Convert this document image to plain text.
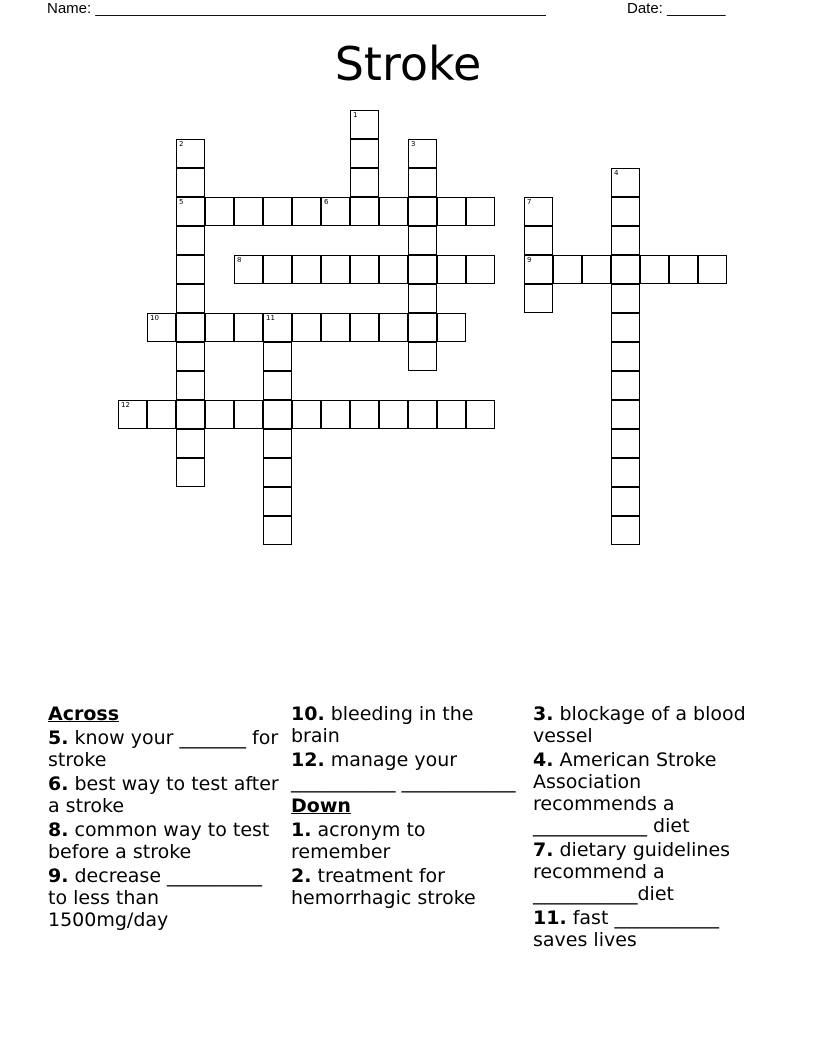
Name: ______________________________________________________	Date: _______
Stroke
1
2
5
3
4
6	7
9
8
10	11
12
Across
5. know your _______ for stroke
6. best way to test after a stroke
8. common way to test before a stroke
9. decrease __________ to less than 1500mg/day
10. bleeding in the brain
12. manage your ___________ ____________
Down
1. acronym to remember
2. treatment for hemorrhagic stroke
3. blockage of a blood vessel
4. American Stroke Association recommends a ____________ diet
7. dietary guidelines recommend a ___________diet
11. fast ___________ saves lives
